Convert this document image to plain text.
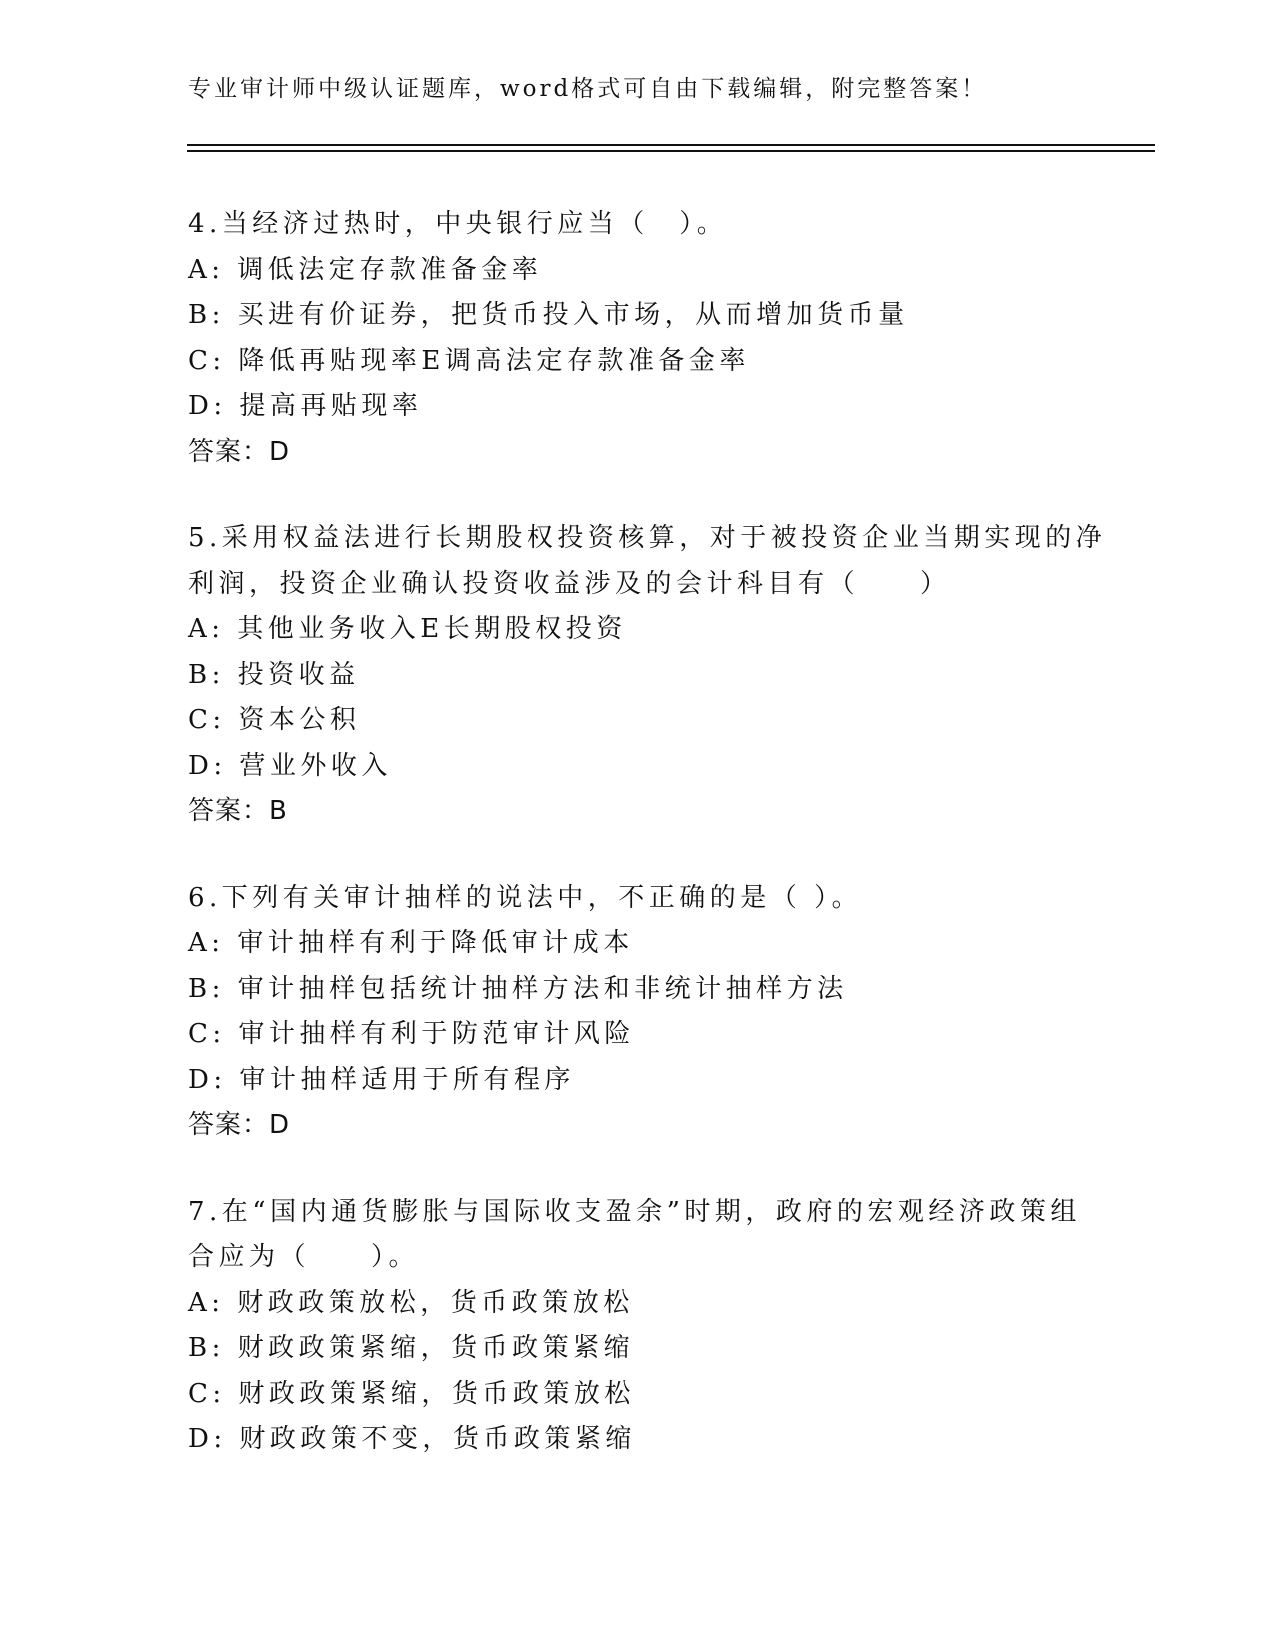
专业审计师中级认证题库，word格式可自由下载编辑，附完整答案！

4.当经济过热时，中央银行应当（　）。

A: 调低法定存款准备金率

B: 买进有价证券，把货币投入市场，从而增加货币量

C: 降低再贴现率E调高法定存款准备金率

D: 提高再贴现率

答案：D

5.采用权益法进行长期股权投资核算，对于被投资企业当期实现的净

利润，投资企业确认投资收益涉及的会计科目有（　　）

A: 其他业务收入E长期股权投资

B: 投资收益

C: 资本公积

D: 营业外收入

答案：B

6.下列有关审计抽样的说法中，不正确的是（ ）。

A: 审计抽样有利于降低审计成本

B: 审计抽样包括统计抽样方法和非统计抽样方法

C: 审计抽样有利于防范审计风险

D: 审计抽样适用于所有程序

答案：D

7.在“国内通货膨胀与国际收支盈余”时期，政府的宏观经济政策组

合应为（　　）。

A: 财政政策放松，货币政策放松

B: 财政政策紧缩，货币政策紧缩

C: 财政政策紧缩，货币政策放松

D: 财政政策不变，货币政策紧缩
